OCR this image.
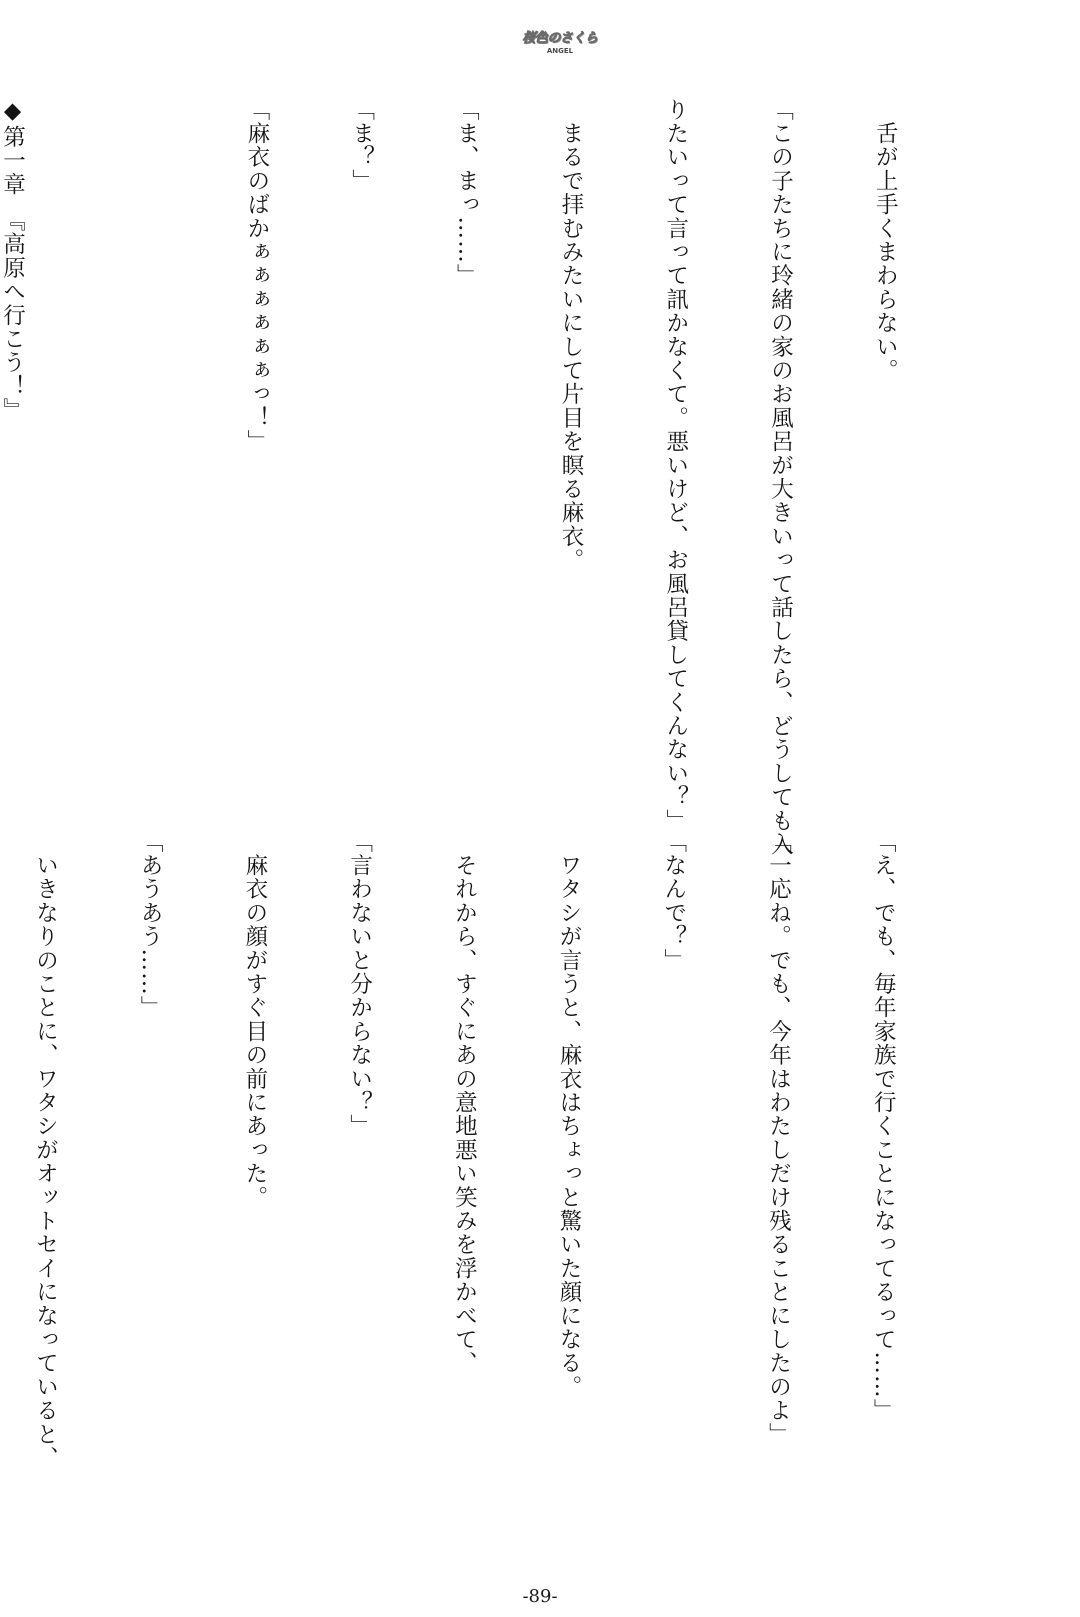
桜色のさくら
ANGEL

　舌が上手くまわらない。

「この子たちに玲緒の家のお風呂が大きいって話したら、どうしても入

りたいって言って訊かなくて。悪いけど、お風呂貸してくんない？」

　まるで拝むみたいにして片目を瞑る麻衣。

「ま、まっ……」

「ま？」

「麻衣のばかぁぁぁぁぁぁっ！」

◆第一章　『高原へ行こう！』

「え、でも、毎年家族で行くことになってるって……」

「一応ね。でも、今年はわたしだけ残ることにしたのよ」

「なんで？」

　ワタシが言うと、麻衣はちょっと驚いた顔になる。

　それから、すぐにあの意地悪い笑みを浮かべて、

「言わないと分からない？」

　麻衣の顔がすぐ目の前にあった。

「あうあう……」

　いきなりのことに、ワタシがオットセイになっていると、

-89-
